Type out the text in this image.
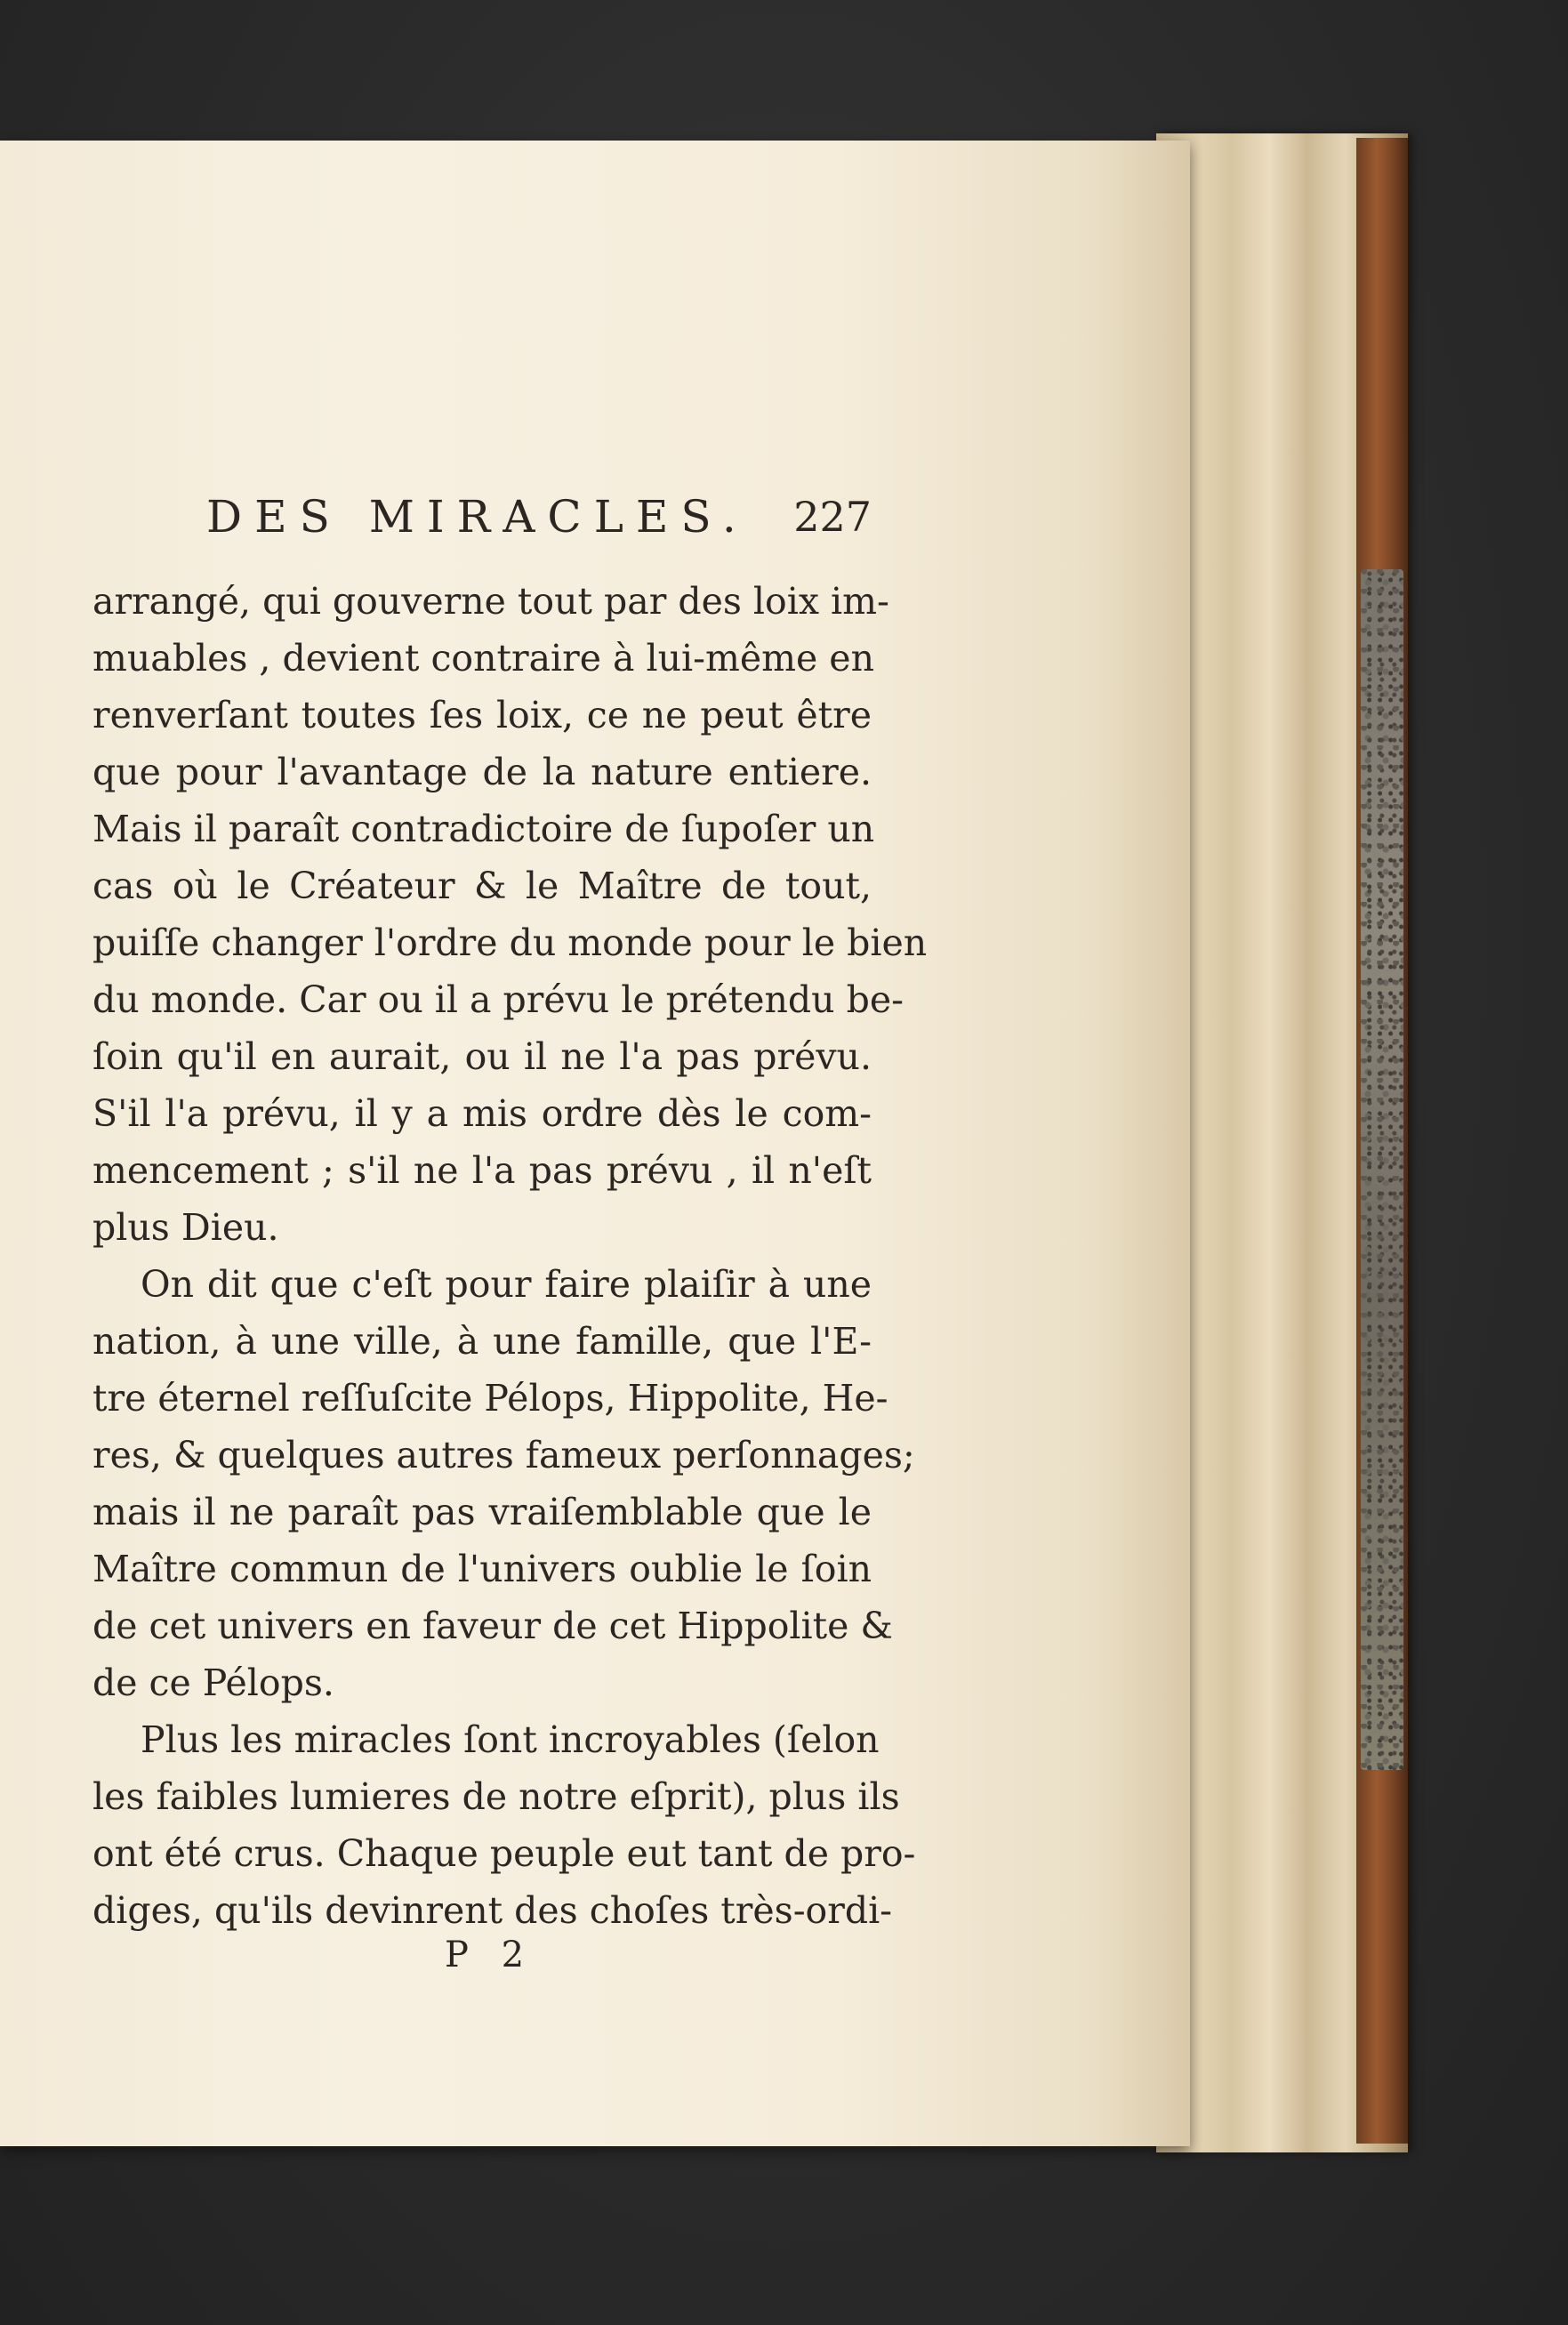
DES MIRACLES. 227
arrangé, qui gouverne tout par des loix im-
muables , devient contraire à lui-même en
renverſant toutes ſes loix, ce ne peut être
que pour l'avantage de la nature entiere.
Mais il paraît contradictoire de ſupoſer un
cas où le Créateur & le Maître de tout,
puiſſe changer l'ordre du monde pour le bien
du monde. Car ou il a prévu le prétendu be-
ſoin qu'il en aurait, ou il ne l'a pas prévu.
S'il l'a prévu, il y a mis ordre dès le com-
mencement ; s'il ne l'a pas prévu , il n'eſt
plus Dieu.
On dit que c'eſt pour faire plaiſir à une
nation, à une ville, à une famille, que l'E-
tre éternel reſſuſcite Pélops, Hippolite, He-
res, & quelques autres fameux perſonnages;
mais il ne paraît pas vraiſemblable que le
Maître commun de l'univers oublie le ſoin
de cet univers en faveur de cet Hippolite &
de ce Pélops.
Plus les miracles ſont incroyables (ſelon
les faibles lumieres de notre eſprit), plus ils
ont été crus. Chaque peuple eut tant de pro-
diges, qu'ils devinrent des choſes très-ordi-
P 2
